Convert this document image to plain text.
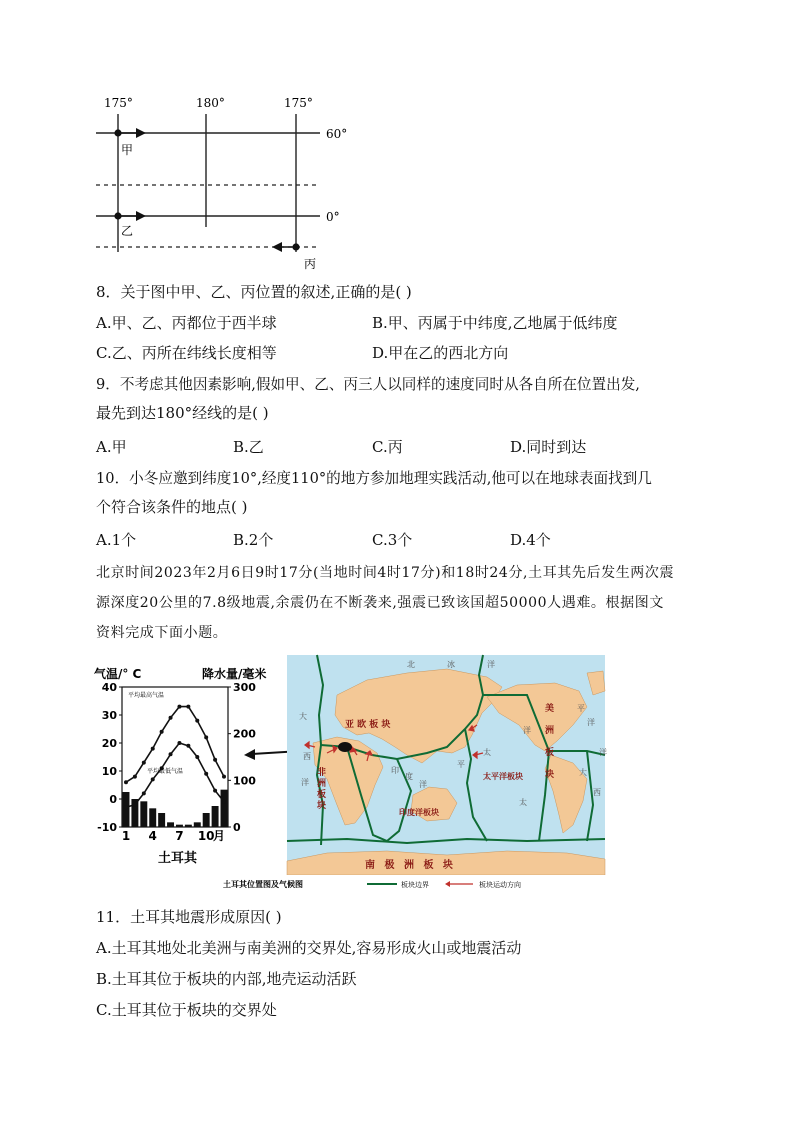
175°	180°	175°
60°
0°
甲
乙
丙
8．关于图中甲、乙、丙位置的叙述,正确的是( )
A.甲、乙、丙都位于西半球	B.甲、丙属于中纬度,乙地属于低纬度
C.乙、丙所在纬线长度相等	D.甲在乙的西北方向
9．不考虑其他因素影响,假如甲、乙、丙三人以同样的速度同时从各自所在位置出发,
最先到达180°经线的是( )
A.甲	B.乙	C.丙	D.同时到达
10．小冬应邀到纬度10°,经度110°的地方参加地理实践活动,他可以在地球表面找到几
个符合该条件的地点( )
A.1个	B.2个	C.3个	D.4个
北京时间2023年2月6日9时17分(当地时间4时17分)和18时24分,土耳其先后发生两次震
源深度20公里的7.8级地震,余震仍在不断袭来,强震已致该国超50000人遇难。根据图文
资料完成下面小题。
气温/° C	降水量/毫米
40
30
20
10
0
-10
300
200
100
0
1 4 7 10
平均最高气温
平均最低气温
月
土耳其
亚 欧 板 块
印度洋板块
太平洋板块
南 极 洲 板 块
非
洲
板
块
美
洲
板
块
北	冰	洋
大
西
洋
太
平
洋
印
度
洋
大
西
洋
太
平
洋
土耳其位置图及气候图	板块边界	板块运动方向
11．土耳其地震形成原因( )
A.土耳其地处北美洲与南美洲的交界处,容易形成火山或地震活动
B.土耳其位于板块的内部,地壳运动活跃
C.土耳其位于板块的交界处
